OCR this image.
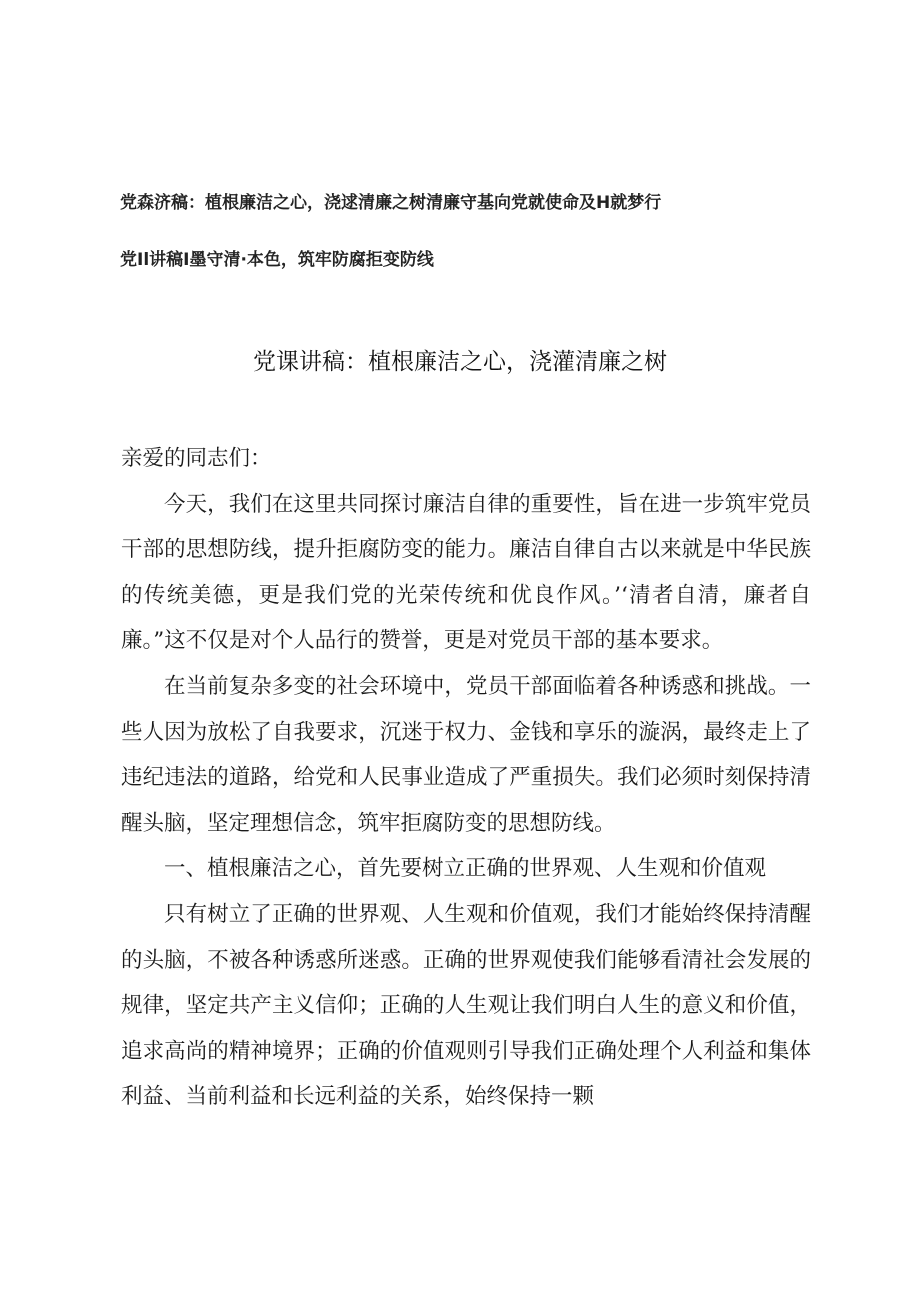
党森济稿：植根廉洁之心，浇逑清廉之树清廉守基向党就使命及H就梦行
党Il讲稿I墨守清·本色，筑牢防腐拒变防线
党课讲稿：植根廉洁之心，浇灌清廉之树

亲爱的同志们：

今天，我们在这里共同探讨廉洁自律的重要性，旨在进一步筑牢党员干部的思想防线，提升拒腐防变的能力。廉洁自律自古以来就是中华民族的传统美德，更是我们党的光荣传统和优良作风。’‘清者自清，廉者自廉。”这不仅是对个人品行的赞誉，更是对党员干部的基本要求。

在当前复杂多变的社会环境中，党员干部面临着各种诱惑和挑战。一些人因为放松了自我要求，沉迷于权力、金钱和享乐的漩涡，最终走上了违纪违法的道路，给党和人民事业造成了严重损失。我们必须时刻保持清醒头脑，坚定理想信念，筑牢拒腐防变的思想防线。

一、植根廉洁之心，首先要树立正确的世界观、人生观和价值观

只有树立了正确的世界观、人生观和价值观，我们才能始终保持清醒的头脑，不被各种诱惑所迷惑。正确的世界观使我们能够看清社会发展的规律，坚定共产主义信仰；正确的人生观让我们明白人生的意义和价值，追求高尚的精神境界；正确的价值观则引导我们正确处理个人利益和集体利益、当前利益和长远利益的关系，始终保持一颗
